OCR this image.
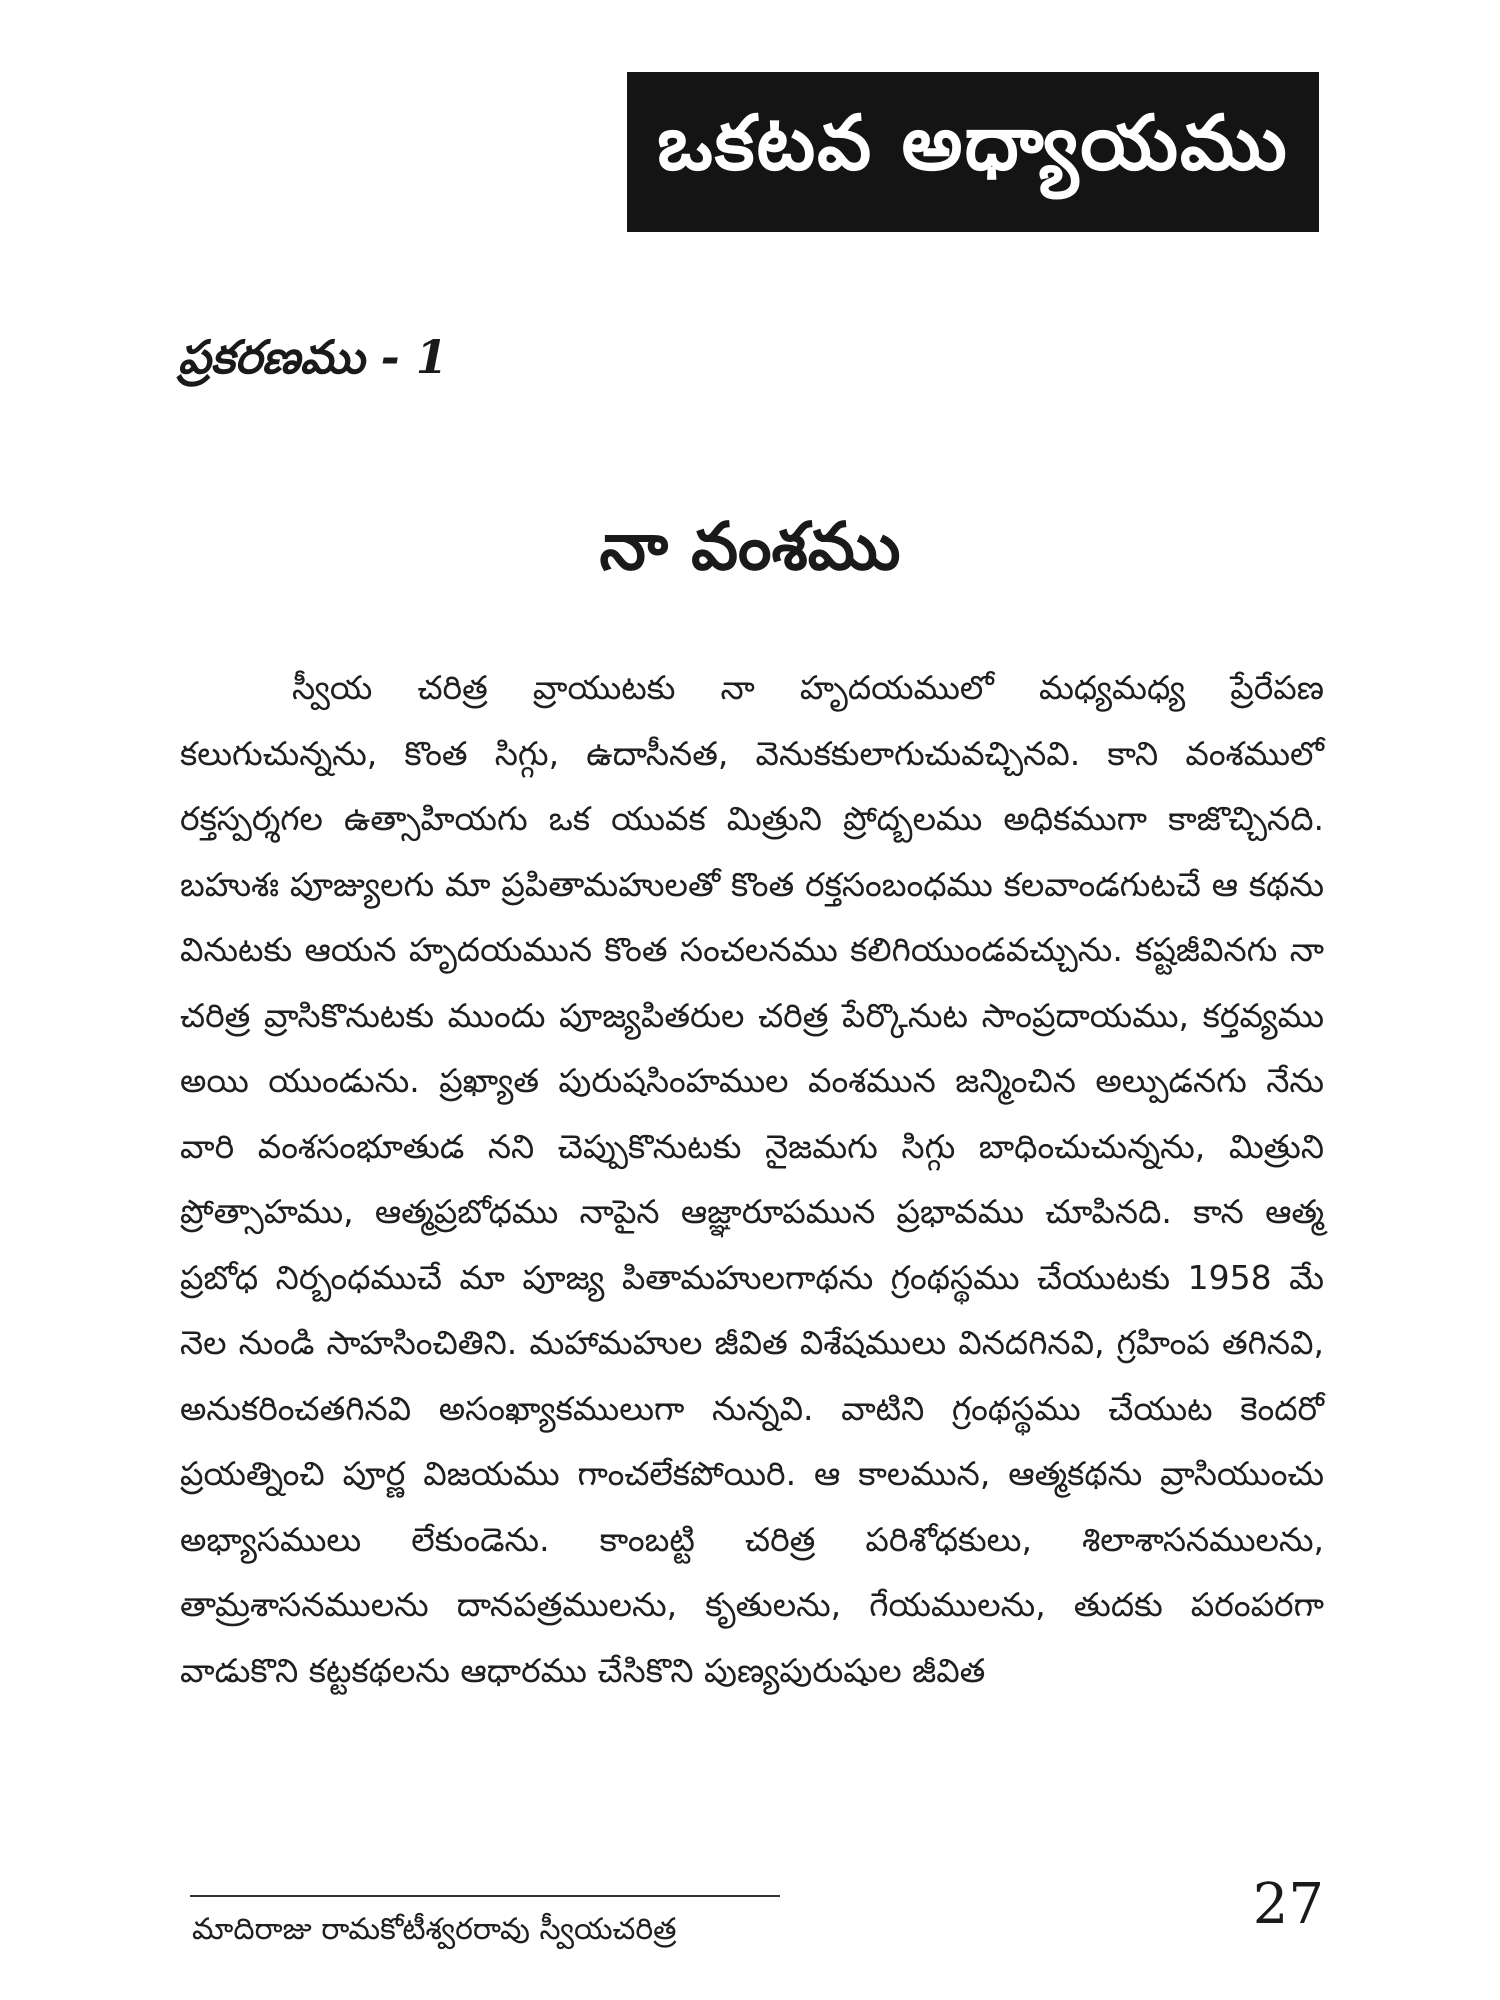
ఒకటవ అధ్యాయము
ప్రకరణము - 1
నా వంశము

స్వీయ చరిత్ర వ్రాయుటకు నా హృదయములో మధ్యమధ్య ప్రేరేపణ కలుగుచున్నను, కొంత సిగ్గు, ఉదాసీనత, వెనుకకులాగుచువచ్చినవి. కాని వంశములో రక్తస్పర్శగల ఉత్సాహియగు ఒక యువక మిత్రుని ప్రోద్బలము అధికముగా కాజొచ్చినది. బహుశః పూజ్యులగు మా ప్రపితామహులతో కొంత రక్తసంబంధము కలవాండగుటచే ఆ కథను వినుటకు ఆయన హృదయమున కొంత సంచలనము కలిగియుండవచ్చును. కష్టజీవినగు నా చరిత్ర వ్రాసికొనుటకు ముందు పూజ్యపితరుల చరిత్ర పేర్కొనుట సాంప్రదాయము, కర్తవ్యము అయి యుండును. ప్రఖ్యాత పురుషసింహముల వంశమున జన్మించిన అల్పుడనగు నేను వారి వంశసంభూతుడ నని చెప్పుకొనుటకు నైజమగు సిగ్గు బాధించుచున్నను, మిత్రుని ప్రోత్సాహము, ఆత్మప్రబోధము నాపైన ఆజ్ఞారూపమున ప్రభావము చూపినది. కాన ఆత్మ ప్రబోధ నిర్బంధముచే మా పూజ్య పితామహులగాథను గ్రంథస్థము చేయుటకు 1958 మే నెల నుండి సాహసించితిని. మహామహుల జీవిత విశేషములు వినదగినవి, గ్రహింప తగినవి, అనుకరించతగినవి అసంఖ్యాకములుగా నున్నవి. వాటిని గ్రంథస్థము చేయుట కెందరో ప్రయత్నించి పూర్ణ విజయము గాంచలేకపోయిరి. ఆ కాలమున, ఆత్మకథను వ్రాసియుంచు అభ్యాసములు లేకుండెను. కాంబట్టి చరిత్ర పరిశోధకులు, శిలాశాసనములను, తామ్రశాసనములను దానపత్రములను, కృతులను, గేయములను, తుదకు పరంపరగా వాడుకొని కట్టకథలను ఆధారము చేసికొని పుణ్యపురుషుల జీవిత

మాదిరాజు రామకోటీశ్వరరావు స్వీయచరిత్ర	27
